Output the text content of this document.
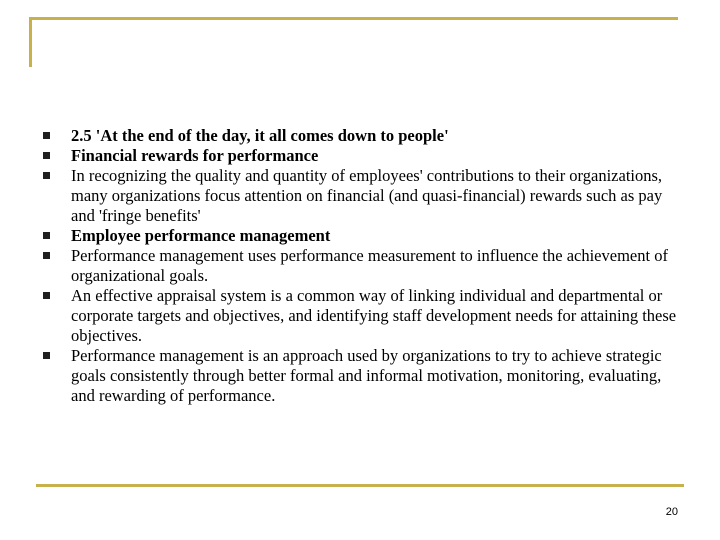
2.5 'At the end of the day, it all comes down to people'
Financial rewards for performance
In recognizing the quality and quantity of employees' contributions to their organizations, many organizations focus attention on financial (and quasi-financial) rewards such as pay and 'fringe benefits'
Employee performance management
Performance management uses performance measurement to influence the achievement of organizational goals.
An effective appraisal system is a common way of linking individual and departmental or corporate targets and objectives, and identifying staff development needs for attaining these objectives.
Performance management is an approach used by organizations to try to achieve strategic goals consistently through better formal and informal motivation, monitoring, evaluating, and rewarding of performance.
20
